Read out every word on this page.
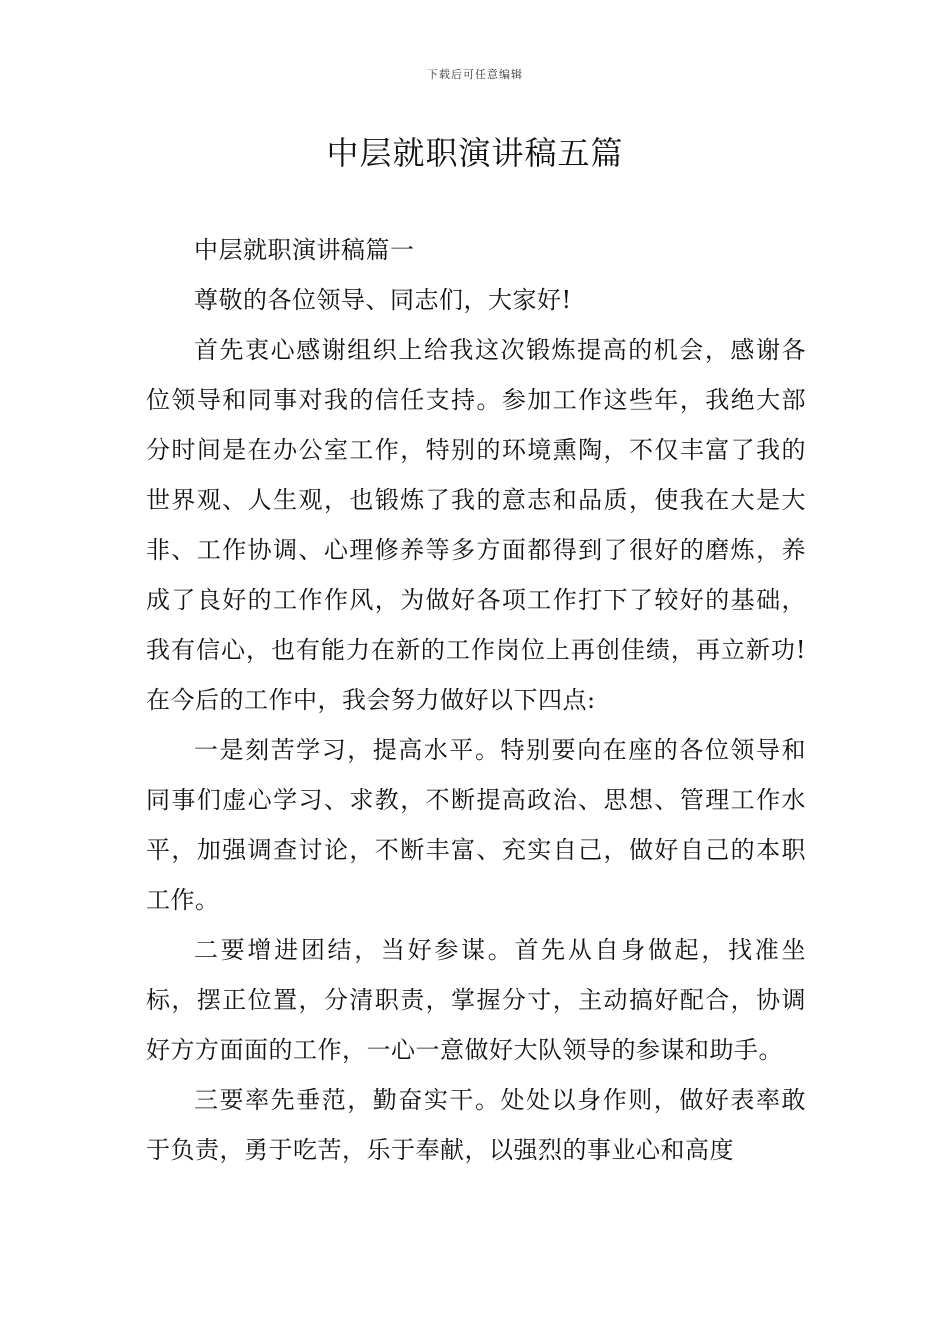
下载后可任意编辑
中层就职演讲稿五篇

中层就职演讲稿篇一

尊敬的各位领导、同志们，大家好!

首先衷心感谢组织上给我这次锻炼提高的机会，感谢各位领导和同事对我的信任支持。参加工作这些年，我绝大部分时间是在办公室工作，特别的环境熏陶，不仅丰富了我的世界观、人生观，也锻炼了我的意志和品质，使我在大是大非、工作协调、心理修养等多方面都得到了很好的磨炼，养成了良好的工作作风，为做好各项工作打下了较好的基础，我有信心，也有能力在新的工作岗位上再创佳绩，再立新功!在今后的工作中，我会努力做好以下四点:

一是刻苦学习，提高水平。特别要向在座的各位领导和同事们虚心学习、求教，不断提高政治、思想、管理工作水平，加强调查讨论，不断丰富、充实自己，做好自己的本职工作。

二要增进团结，当好参谋。首先从自身做起，找准坐标，摆正位置，分清职责，掌握分寸，主动搞好配合，协调好方方面面的工作，一心一意做好大队领导的参谋和助手。

三要率先垂范，勤奋实干。处处以身作则，做好表率敢于负责，勇于吃苦，乐于奉献，以强烈的事业心和高度
